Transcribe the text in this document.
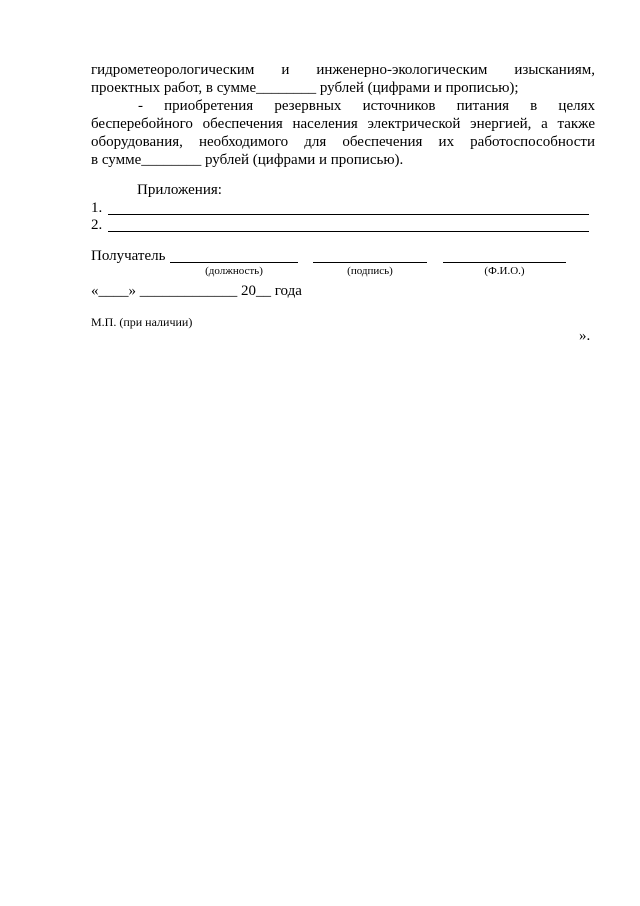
гидрометеорологическим и инженерно-экологическим изысканиям,
проектных работ, в сумме________ рублей (цифрами и прописью);
- приобретения резервных источников питания в целях
бесперебойного обеспечения населения электрической энергией, а также
оборудования, необходимого для обеспечения их работоспособности
в сумме________ рублей (цифрами и прописью).
Приложения:
1.
2.
Получатель
(должность)	(подпись)	(Ф.И.О.)
«____» _____________ 20__ года
М.П. (при наличии)
».
